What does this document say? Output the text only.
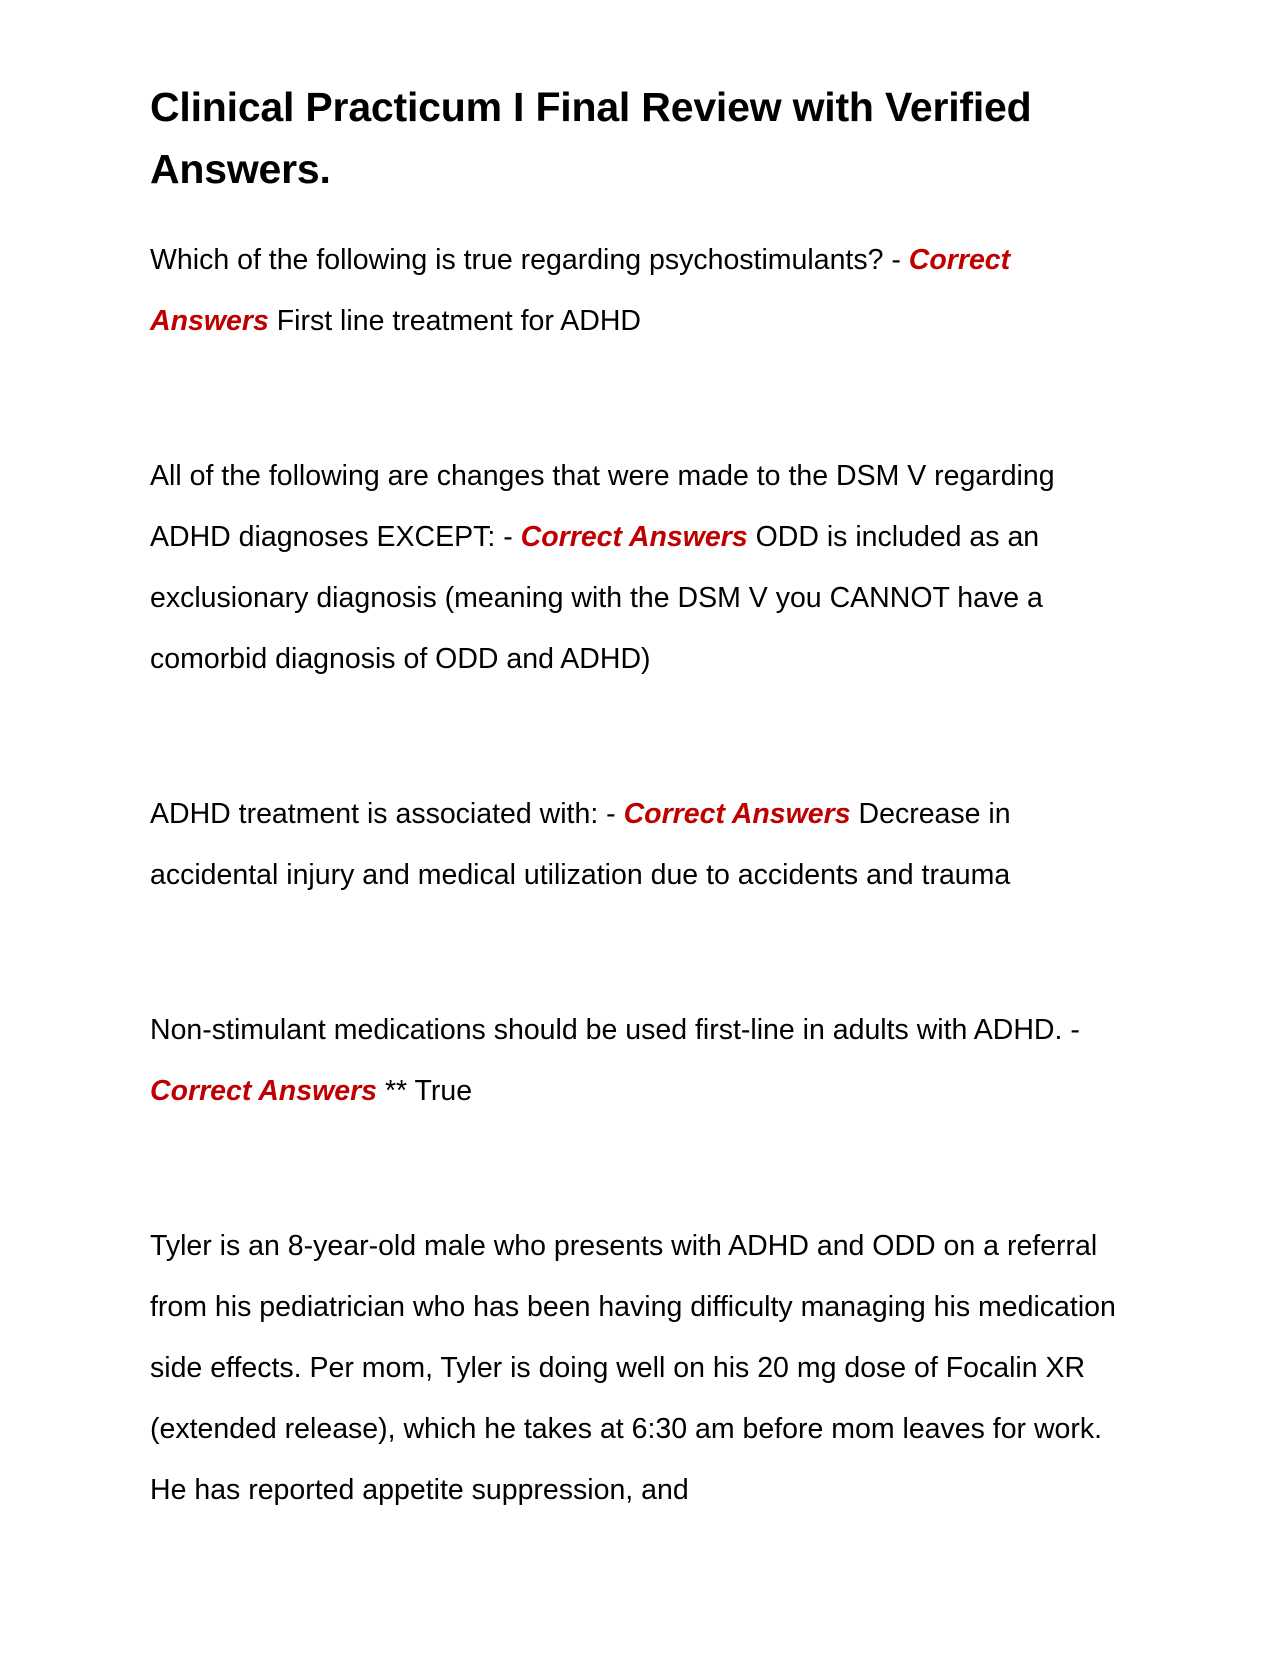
Clinical Practicum I Final Review with Verified Answers.

Which of the following is true regarding psychostimulants? - Correct Answers First line treatment for ADHD

All of the following are changes that were made to the DSM V regarding ADHD diagnoses EXCEPT: - Correct Answers ODD is included as an exclusionary diagnosis (meaning with the DSM V you CANNOT have a comorbid diagnosis of ODD and ADHD)

ADHD treatment is associated with: - Correct Answers Decrease in accidental injury and medical utilization due to accidents and trauma

Non-stimulant medications should be used first-line in adults with ADHD. - Correct Answers ** True

Tyler is an 8-year-old male who presents with ADHD and ODD on a referral from his pediatrician who has been having difficulty managing his medication side effects. Per mom, Tyler is doing well on his 20 mg dose of Focalin XR (extended release), which he takes at 6:30 am before mom leaves for work. He has reported appetite suppression, and
